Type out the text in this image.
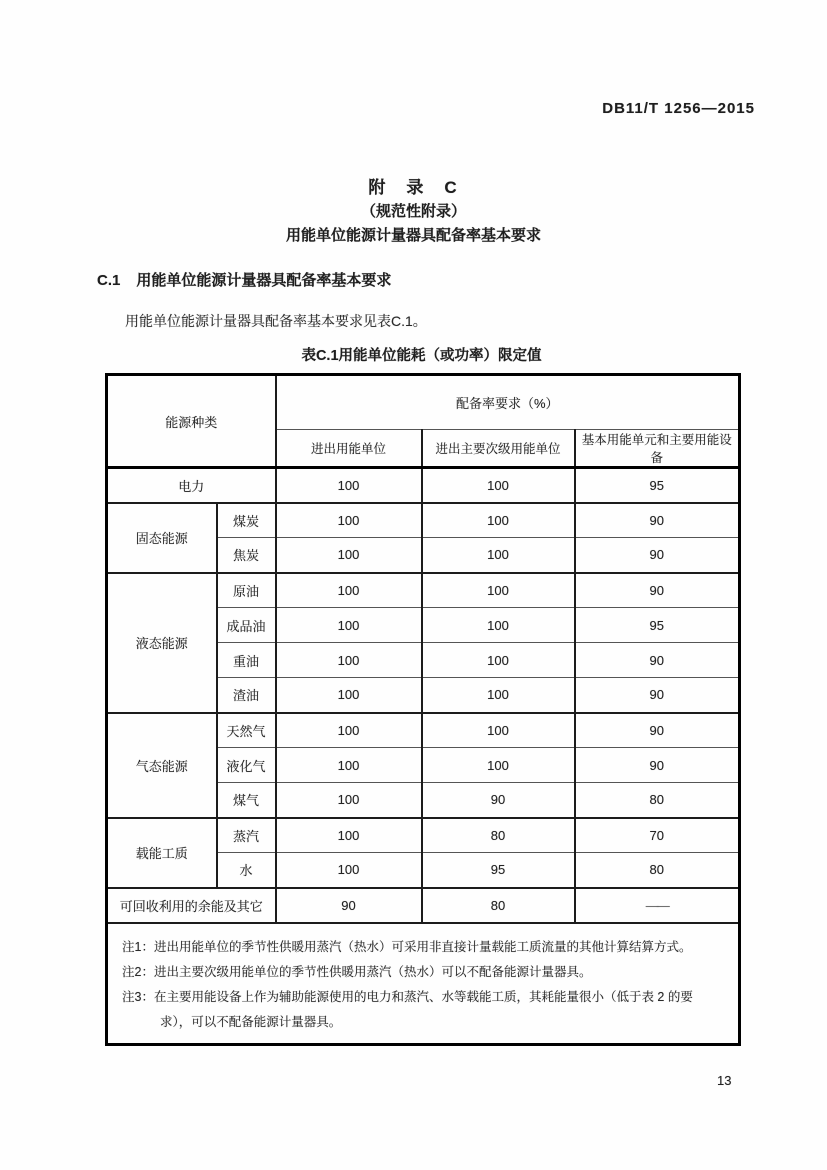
DB11/T 1256—2015
附　录　C
（规范性附录）
用能单位能源计量器具配备率基本要求
C.1 用能单位能源计量器具配备率基本要求
用能单位能源计量器具配备率基本要求见表C.1。
表C.1用能单位能耗（或功率）限定值
能源种类		配备率要求（%）		
		进出用能单位	进出主要次级用能单位	基本用能单元和主要用能设备
电力		100	100	95
固态能源	煤炭	100	100	90
	焦炭	100	100	90
液态能源	原油	100	100	90
	成品油	100	100	95
	重油	100	100	90
	渣油	100	100	90
气态能源	天然气	100	100	90
	液化气	100	100	90
	煤气	100	90	80
载能工质	蒸汽	100	80	70
	水	100	95	80
可回收利用的余能及其它		90	80	——

注1：进出用能单位的季节性供暖用蒸汽（热水）可采用非直接计量载能工质流量的其他计算结算方式。
注2：进出主要次级用能单位的季节性供暖用蒸汽（热水）可以不配备能源计量器具。
注3：在主要用能设备上作为辅助能源使用的电力和蒸汽、水等载能工质，其耗能量很小（低于表 2 的要求），可以不配备能源计量器具。				
13
